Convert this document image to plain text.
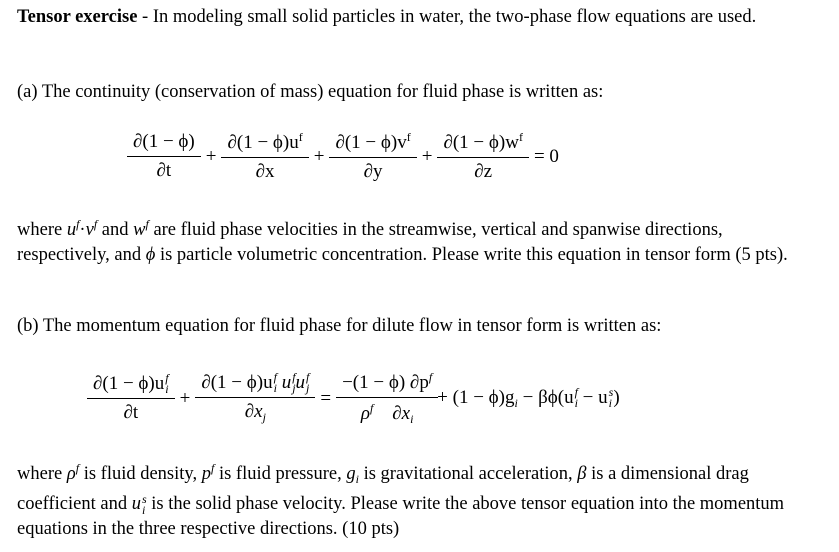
Tensor exercise - In modeling small solid particles in water, the two-phase flow equations are used.
(a) The continuity (conservation of mass) equation for fluid phase is written as:
$\frac{\partial(1 - \phi)}{\partial t} + \frac{\partial(1 - \phi)u^f}{\partial x} + \frac{\partial(1 - \phi)v^f}{\partial y} + \frac{\partial(1 - \phi)w^f}{\partial z} = 0$
where $u^f\cdot v^f$ and $w^f$ are fluid phase velocities in the streamwise, vertical and spanwise directions, respectively, and ϕ is particle volumetric concentration. Please write this equation in tensor form (5 pts).
(b) The momentum equation for fluid phase for dilute flow in tensor form is written as:
∂(1 − ϕ)u f
i
∂t + ∂(1 − ϕ)u f
i u f
j u f
j
$\partial x_j = \frac{-(1 - \phi) \partial p^f}{\rho^f \partial x_i} + (1 - \phi)g_i - \beta\phi(u$ f
i − u s
i )
where $\rho^f$ is fluid density, $p^f$ is fluid pressure, $g_i$ is gravitational acceleration, β is a dimensional drag coefficient and u s
i is the solid phase velocity. Please write the above tensor equation into the momentum equations in the three respective directions. (10 pts)
